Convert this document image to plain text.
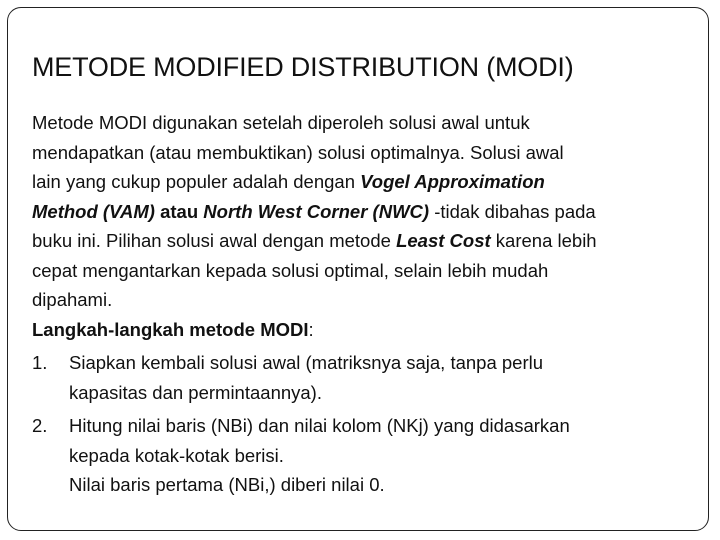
METODE MODIFIED DISTRIBUTION (MODI)

Metode MODI digunakan setelah diperoleh solusi awal untuk
mendapatkan (atau membuktikan) solusi optimalnya. Solusi awal
lain yang cukup populer adalah dengan Vogel Approximation
Method (VAM) atau North West Corner (NWC) -tidak dibahas pada
buku ini. Pilihan solusi awal dengan metode Least Cost karena lebih
cepat mengantarkan kepada solusi optimal, selain lebih mudah
dipahami.

Langkah-langkah metode MODI:

1. Siapkan kembali solusi awal (matriksnya saja, tanpa perlu
kapasitas dan permintaannya).
2. Hitung nilai baris (NBi) dan nilai kolom (NKj) yang didasarkan
kepada kotak-kotak berisi.

Nilai baris pertama (NBi,) diberi nilai 0.
